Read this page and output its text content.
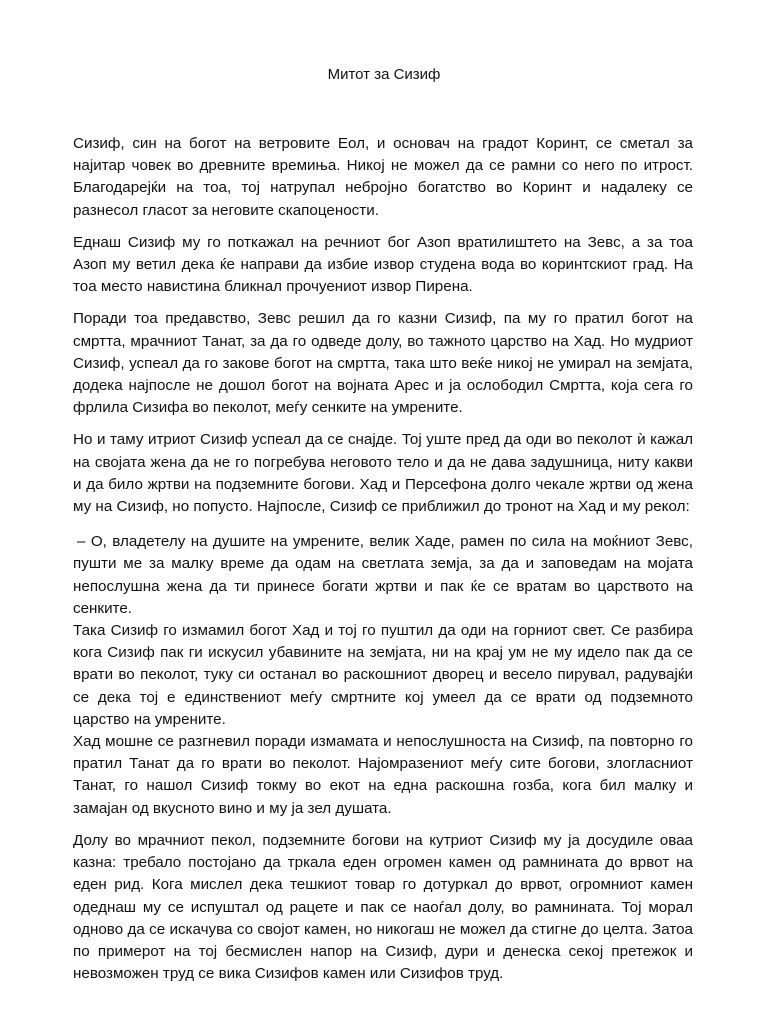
Митот за Сизиф

Сизиф, син на богот на ветровите Еол, и основач на градот Коринт, се сметал за најитар човек во древните времиња. Никој не можел да се рамни со него по итрост. Благодарејќи на тоа, тој натрупал небројно богатство во Коринт и надалеку се разнесол гласот за неговите скапоцености.

Еднаш Сизиф му го поткажал на речниот бог Азоп вратилиштето на Зевс, а за тоа Азоп му ветил дека ќе направи да избие извор студена вода во коринтскиот град. На тоа место навистина бликнал прочуениот извор Пирена.

Поради тоа предавство, Зевс решил да го казни Сизиф, па му го пратил богот на смртта, мрачниот Танат, за да го одведе долу, во тажното царство на Хад. Но мудриот Сизиф, успеал да го закове богот на смртта, така што веќе никој не умирал на земјата, додека најпосле не дошол богот на војната Арес и ја ослободил Смртта, која сега го фрлила Сизифа во пеколот, меѓу сенките на умрените.

Но и таму итриот Сизиф успеал да се снајде. Тој уште пред да оди во пеколот ѝ кажал на својата жена да не го погребува неговото тело и да не дава задушница, ниту какви и да било жртви на подземните богови. Хад и Персефона долго чекале жртви од жена му на Сизиф, но попусто. Најпосле, Сизиф се приближил до тронот на Хад и му рекол:

– О, владетелу на душите на умрените, велик Хаде, рамен по сила на моќниот Зевс, пушти ме за малку време да одам на светлата земја, за да и заповедам на мојата непослушна жена да ти принесе богати жртви и пак ќе се вратам во царството на сенките.

Така Сизиф го измамил богот Хад и тој го пуштил да оди на горниот свет. Се разбира кога Сизиф пак ги искусил убавините на земјата, ни на крај ум не му идело пак да се врати во пеколот, туку си останал во раскошниот дворец и весело пирувал, радувајќи се дека тој е единствениот меѓу смртните кој умеел да се врати од подземното царство на умрените.

Хад мошне се разгневил поради измамата и непослушноста на Сизиф, па повторно го пратил Танат да го врати во пеколот. Најомразениот меѓу сите богови, злогласниот Танат, го нашол Сизиф токму во екот на една раскошна гозба, кога бил малку и замајан од вкусното вино и му ја зел душата.

Долу во мрачниот пекол, подземните богови на кутриот Сизиф му ја досудиле оваа казна: требало постојано да тркала еден огромен камен од рамнината до врвот на еден рид. Кога мислел дека тешкиот товар го дотуркал до врвот, огромниот камен одеднаш му се испуштал од рацете и пак се наоѓал долу, во рамнината. Тој морал одново да се искачува со својот камен, но никогаш не можел да стигне до целта. Затоа по примерот на тој бесмислен напор на Сизиф, дури и денеска секој претежок и невозможен труд се вика Сизифов камен или Сизифов труд.
